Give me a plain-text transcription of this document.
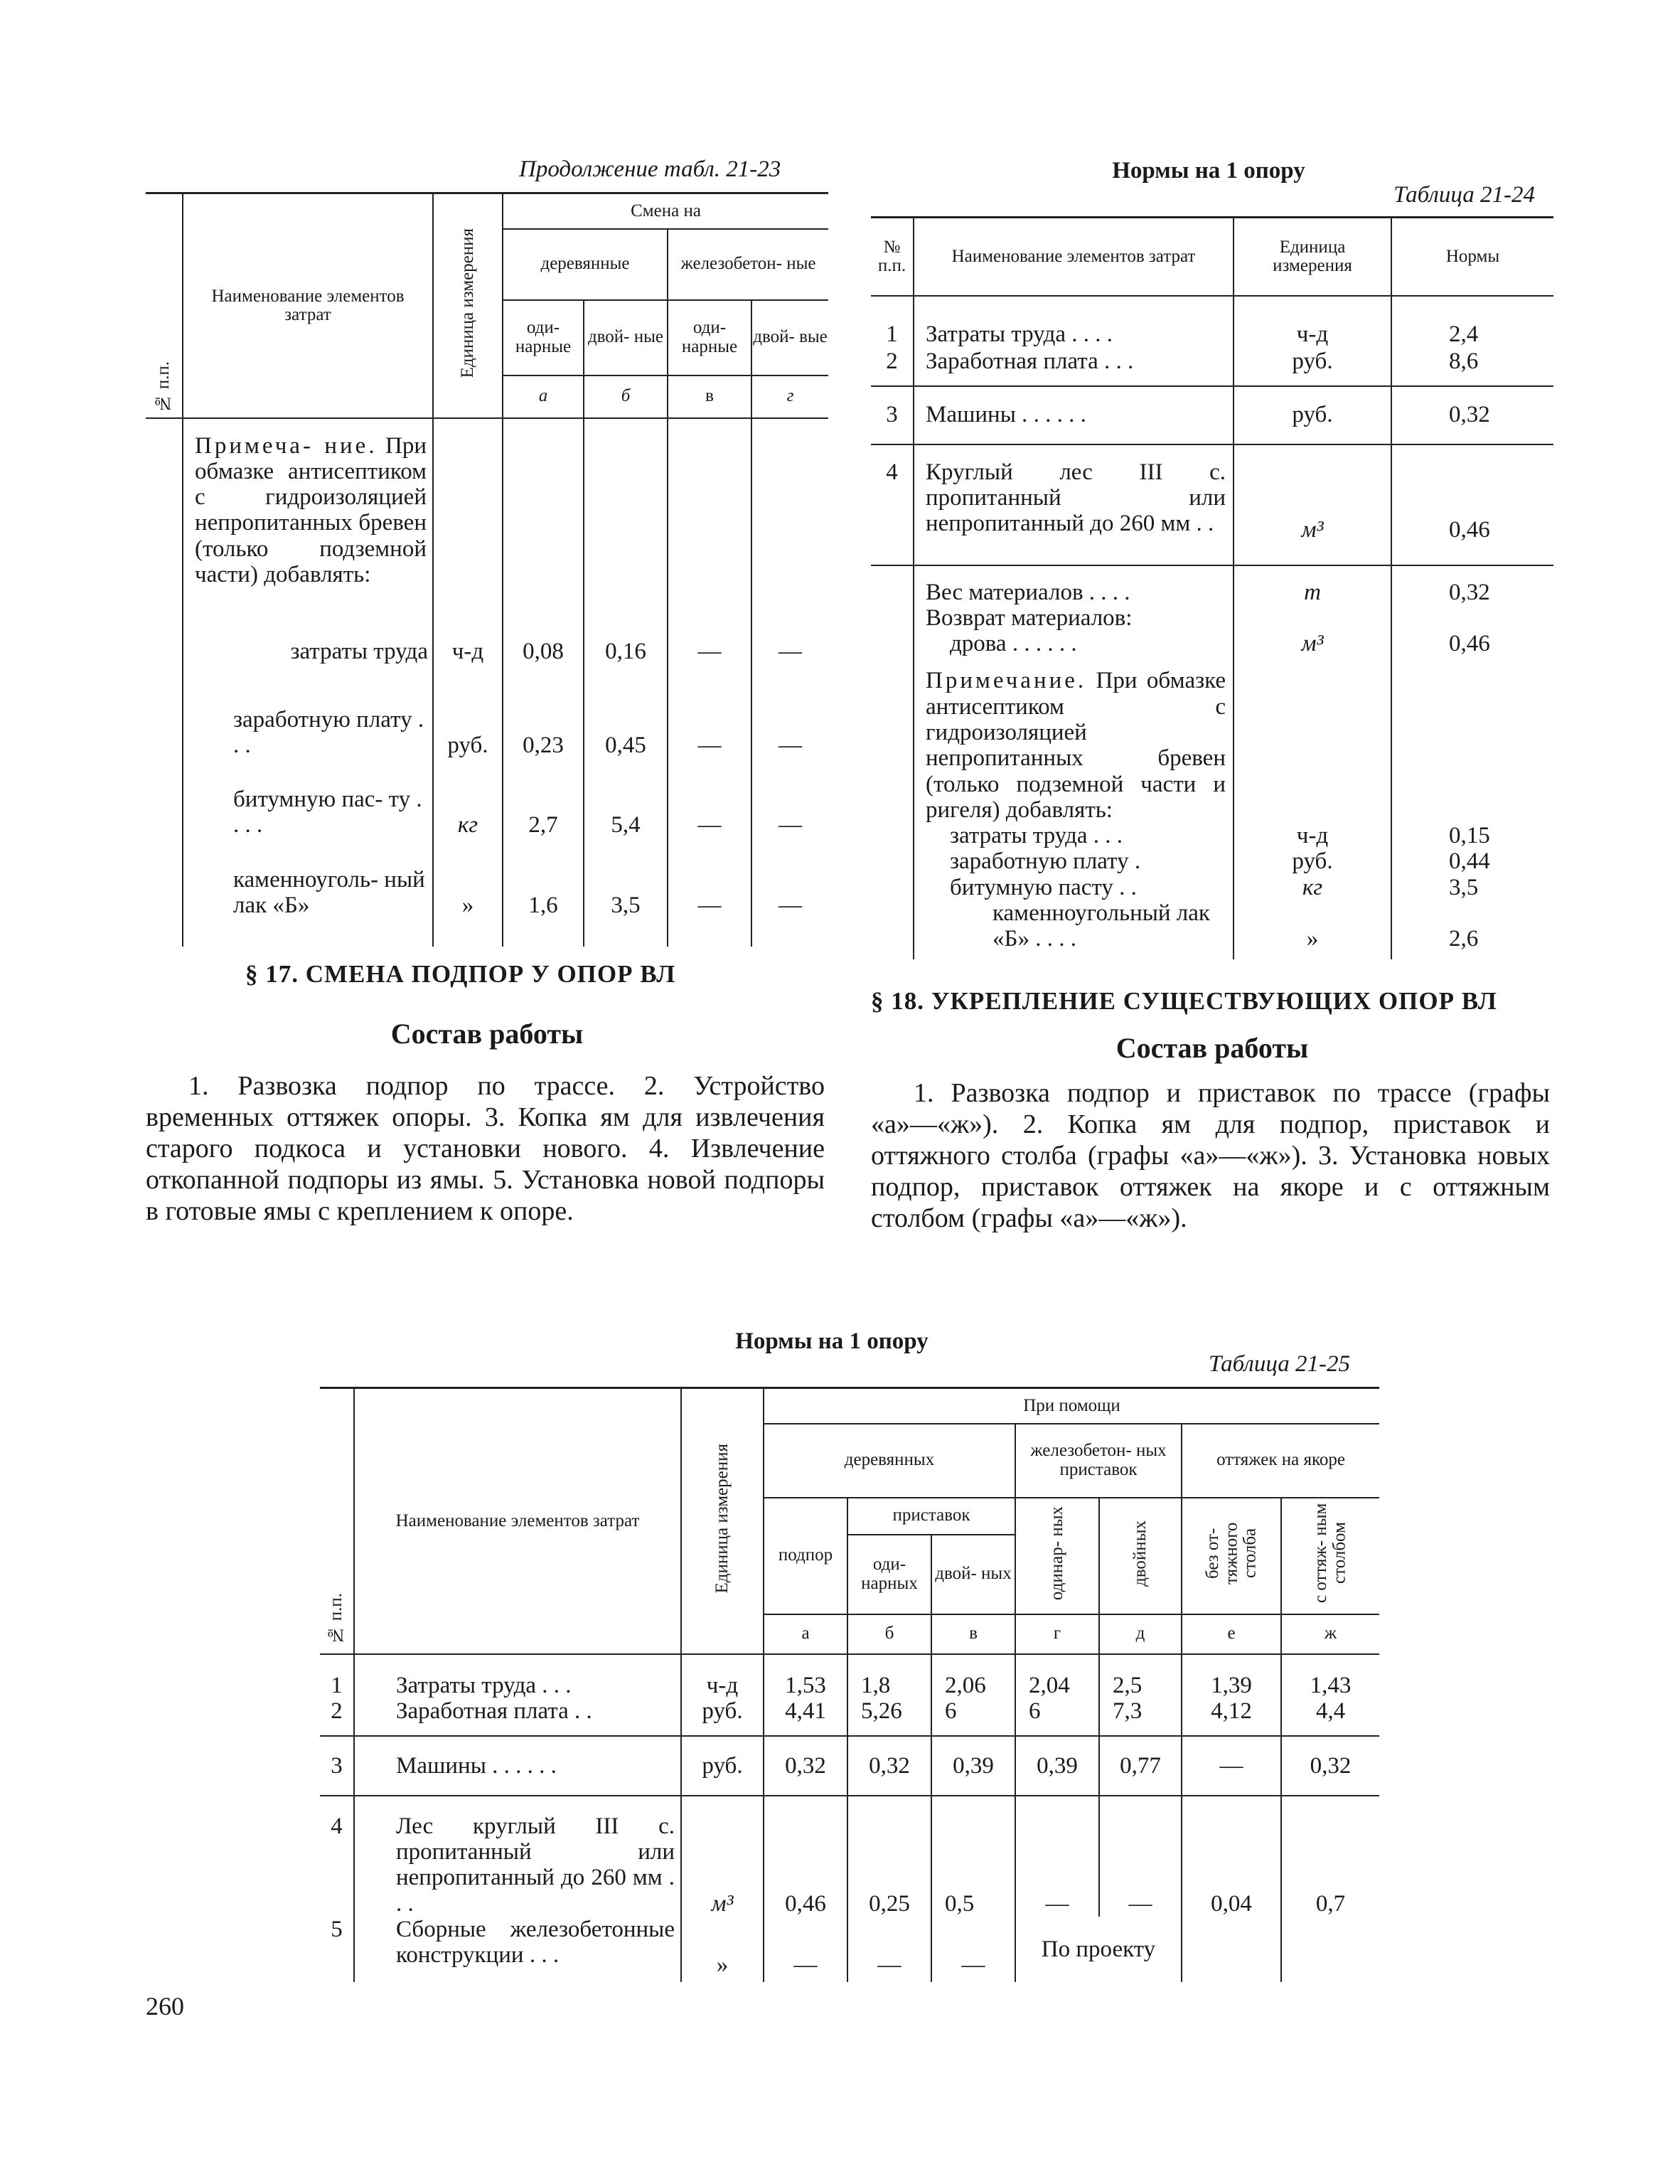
Продолжение табл. 21-23
№ п.п.	Наименование элементов затрат	Единица измерения	Смена на			
			деревянные		железобетон- ные	
			оди- нарные	двой- ные	оди- нарные	двой- вые
			а	б	в	г
	Примеча- ние. При обмазке антисептиком с гидроизоляцией непропитанных бревен (только подземной части) добавлять:					
	затраты труда	ч-д	0,08	0,16	—	—
	заработную плату . . .	руб.	0,23	0,45	—	—
	битумную пас- ту . . . .	кг	2,7	5,4	—	—
	каменноуголь- ный лак «Б»	»	1,6	3,5	—	—
Нормы на 1 опору
Таблица 21-24
№ п.п.	Наименование элементов затрат	Единица измерения	Нормы

1	Затраты труда . . . .	ч-д	2,4
2	Заработная плата . . .	руб.	8,6
3	Машины . . . . . .	руб.	0,32
4	Круглый лес III с. пропитанный или непропитанный до 260 мм . .	м³	0,46

	Вес материалов . . . .	т	0,32
	Возврат материалов:		
	дрова . . . . . .	м³	0,46
	Примечание. При обмазке антисептиком с гидроизоляцией непропитанных бревен (только подземной части и ригеля) добавлять:		
	затраты труда . . .	ч-д	0,15
	заработную плату .	руб.	0,44
	битумную пасту . .	кг	3,5
	каменноугольный лак «Б» . . . .	»	2,6
§ 17. СМЕНА ПОДПОР У ОПОР ВЛ
Состав работы
1. Развозка подпор по трассе. 2. Устройство временных оттяжек опоры. 3. Копка ям для извлечения старого подкоса и установки нового. 4. Извлечение откопанной подпоры из ямы. 5. Установка новой подпоры в готовые ямы с креплением к опоре.
§ 18. УКРЕПЛЕНИЕ СУЩЕСТВУЮЩИХ ОПОР ВЛ
Состав работы
1. Развозка подпор и приставок по трассе (графы «а»—«ж»). 2. Копка ям для подпор, приставок и оттяжного столба (графы «а»—«ж»). 3. Установка новых подпор, приставок оттяжек на якоре и с оттяжным столбом (графы «а»—«ж»).
Нормы на 1 опору
Таблица 21-25
№ п.п.	Наименование элементов затрат	Единица измерения	При помощи						
			деревянных			железобетон- ных приставок		оттяжек на якоре	
			подпор	приставок		одинар- ных	двойных	без от- тяжного столба	с оттяж- ным столбом
				оди- нарных	двой- ных				
			а	б	в	г	д	е	ж

1	Затраты труда . . .	ч-д	1,53	1,8	2,06	2,04	2,5	1,39	1,43
2	Заработная плата . .	руб.	4,41	5,26	6	6	7,3	4,12	4,4
3	Машины . . . . . .	руб.	0,32	0,32	0,39	0,39	0,77	—	0,32
4	Лес круглый III с. пропитанный или непропитанный до 260 мм . . .	м³	0,46	0,25	0,5	—	—	0,04	0,7
5	Сборные железобетонные конструкции . . .	»	—	—	—	По проекту			
260
